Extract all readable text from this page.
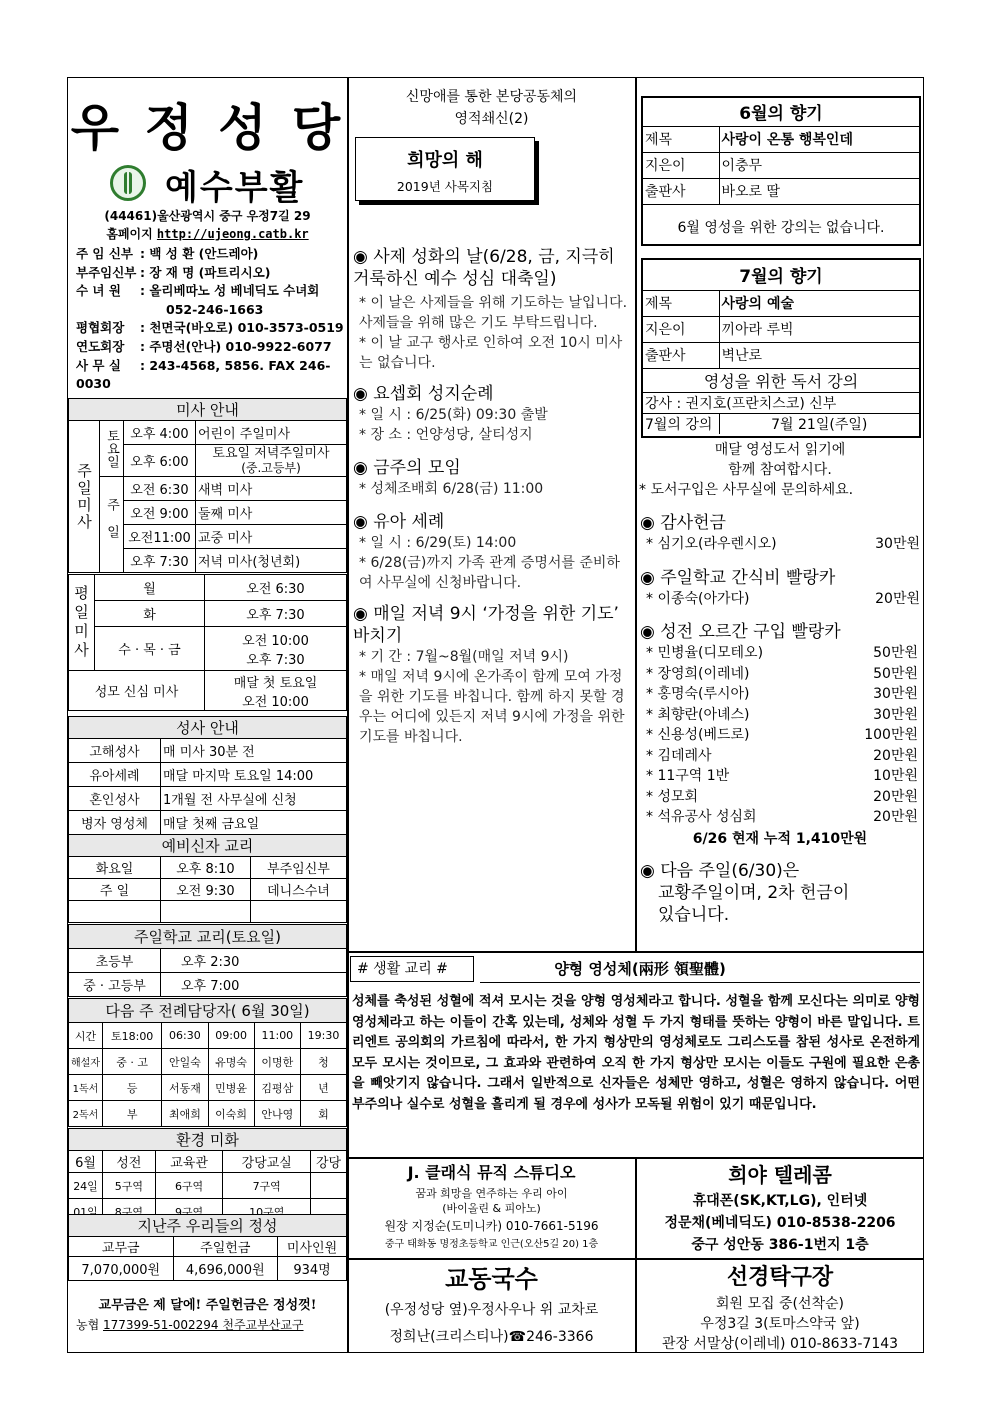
우 정 성 당
예수부활
(44461)울산광역시 중구 우정7길 29
홈페이지 http://ujeong.catb.kr
주 임 신부 : 백 성 환 (안드레아)
부주임신부 : 장 재 명 (파트리시오)
수 녀 원 : 올리베따노 성 베네딕도 수녀회
052-246-1663
평협회장 : 천면국(바오로) 010-3573-0519
연도회장 : 주명선(안나) 010-9922-6077
사 무 실 : 243-4568, 5856. FAX 246-0030
미사 안내			
주일미사	토요일	오후 4:00	어린이 주일미사
		오후 6:00	토요일 저녁주일미사
(중.고등부)

	주일	오전 6:30	새벽 미사
		오전 9:00	둘째 미사
		오전11:00	교중 미사
		오후 7:30	저녁 미사(청년회)
평일미사	월	오전 6:30
	화	오후 7:30
	수 · 목 · 금	오전 10:00
오후 7:30

성모 신심 미사		매달 첫 토요일
오전 10:00
성사 안내	
고해성사	매 미사 30분 전
유아세례	매달 마지막 토요일 14:00
혼인성사	1개월 전 사무실에 신청
병자 영성체	매달 첫째 금요일
예비신자 교리		
화요일	오후 8:10	부주임신부
주 일	오전 9:30	데니스수녀

주일학교 교리(토요일)	
초등부	오후 2:30
중 · 고등부	오후 7:00
다음 주 전례담당자( 6월 30일)					
시간	토18:00	06:30	09:00	11:00	19:30
해설자	중 · 고	안일숙	유명숙	이명한	청
1독서	등	서동재	민병윤	김평삼	년
2독서	부	최애희	이숙희	안나영	회
환경 미화				
6월	성전	교육관	강당교실	강당
24일	5구역	6구역	7구역	
01일	8구역	9구역	10구역	
지난주 우리들의 정성		
교무금	주일헌금	미사인원
7,070,000원	4,696,000원	934명
교무금은 제 달에! 주일헌금은 정성껏!
농협 177399-51-002294 천주교부산교구
신망애를 통한 본당공동체의
영적쇄신(2)
희망의 해
2019년 사목지침
◉ 사제 성화의 날(6/28, 금, 지극히 거룩하신 예수 성심 대축일)
* 이 날은 사제들을 위해 기도하는 날입니다. 사제들을 위해 많은 기도 부탁드립니다.
* 이 날 교구 행사로 인하여 오전 10시 미사는 없습니다.
◉ 요셉회 성지순례
* 일 시 : 6/25(화) 09:30 출발
* 장 소 : 언양성당, 살티성지
◉ 금주의 모임
* 성체조배회 6/28(금) 11:00
◉ 유아 세례
* 일 시 : 6/29(토) 14:00
* 6/28(금)까지 가족 관계 증명서를 준비하여 사무실에 신청바랍니다.
◉ 매일 저녁 9시 ‘가정을 위한 기도’ 바치기
* 기 간 : 7월~8월(매일 저녁 9시)
* 매일 저녁 9시에 온가족이 함께 모여 가정을 위한 기도를 바칩니다. 함께 하지 못할 경우는 어디에 있든지 저녁 9시에 가정을 위한 기도를 바칩니다.
6월의 향기	
제목	사랑이 온통 행복인데
지은이	이충무
출판사	바오로 딸
6월 영성을 위한 강의는 없습니다.
7월의 향기	
제목	사랑의 예술
지은이	끼아라 루빅
출판사	벽난로
영성을 위한 독서 강의	
강사 : 권지호(프란치스코) 신부	
7월의 강의	7월 21일(주일)
매달 영성도서 읽기에
함께 참여합시다.
* 도서구입은 사무실에 문의하세요.
◉ 감사헌금
* 심기오(라우렌시오)	30만원
◉ 주일학교 간식비 빨랑카
* 이종숙(아가다)	20만원
◉ 성전 오르간 구입 빨랑카
* 민병율(디모테오)	50만원
* 장영희(이레네)	50만원
* 홍명숙(루시아)	30만원
* 최향란(아녜스)	30만원
* 신용성(베드로)	100만원
* 김데레사	20만원
* 11구역 1반	10만원
* 성모회	20만원
* 석유공사 성심회	20만원
6/26 현재 누적 1,410만원
◉ 다음 주일(6/30)은
교황주일이며, 2차 헌금이
있습니다.
# 생활 교리 #	양형 영성체(兩形 領聖體)
성체를 축성된 성혈에 적셔 모시는 것을 양형 영성체라고 합니다. 성혈을 함께 모신다는 의미로 양형 영성체라고 하는 이들이 간혹 있는데, 성체와 성혈 두 가지 형태를 뜻하는 양형이 바른 말입니다. 트리엔트 공의회의 가르침에 따라서, 한 가지 형상만의 영성체로도 그리스도를 참된 성사로 온전하게 모두 모시는 것이므로, 그 효과와 관련하여 오직 한 가지 형상만 모시는 이들도 구원에 필요한 은총을 빼앗기지 않습니다. 그래서 일반적으로 신자들은 성체만 영하고, 성혈은 영하지 않습니다. 어떤 부주의나 실수로 성혈을 흘리게 될 경우에 성사가 모독될 위험이 있기 때문입니다.
J. 클래식 뮤직 스튜디오
꿈과 희망을 연주하는 우리 아이
(바이올린 & 피아노)
원장 지정순(도미니카) 010-7661-5196
중구 태화동 명정초등학교 인근(오산5길 20) 1층
희야 텔레콤
휴대폰(SK,KT,LG), 인터넷
정문채(베네딕도) 010-8538-2206
중구 성안동 386-1번지 1층
교동국수
(우정성당 옆)우정사우나 위 교차로
정희난(크리스티나)☎246-3366
선경탁구장
회원 모집 중(선착순)
우정3길 3(토마스약국 앞)
관장 서말상(이레네) 010-8633-7143
